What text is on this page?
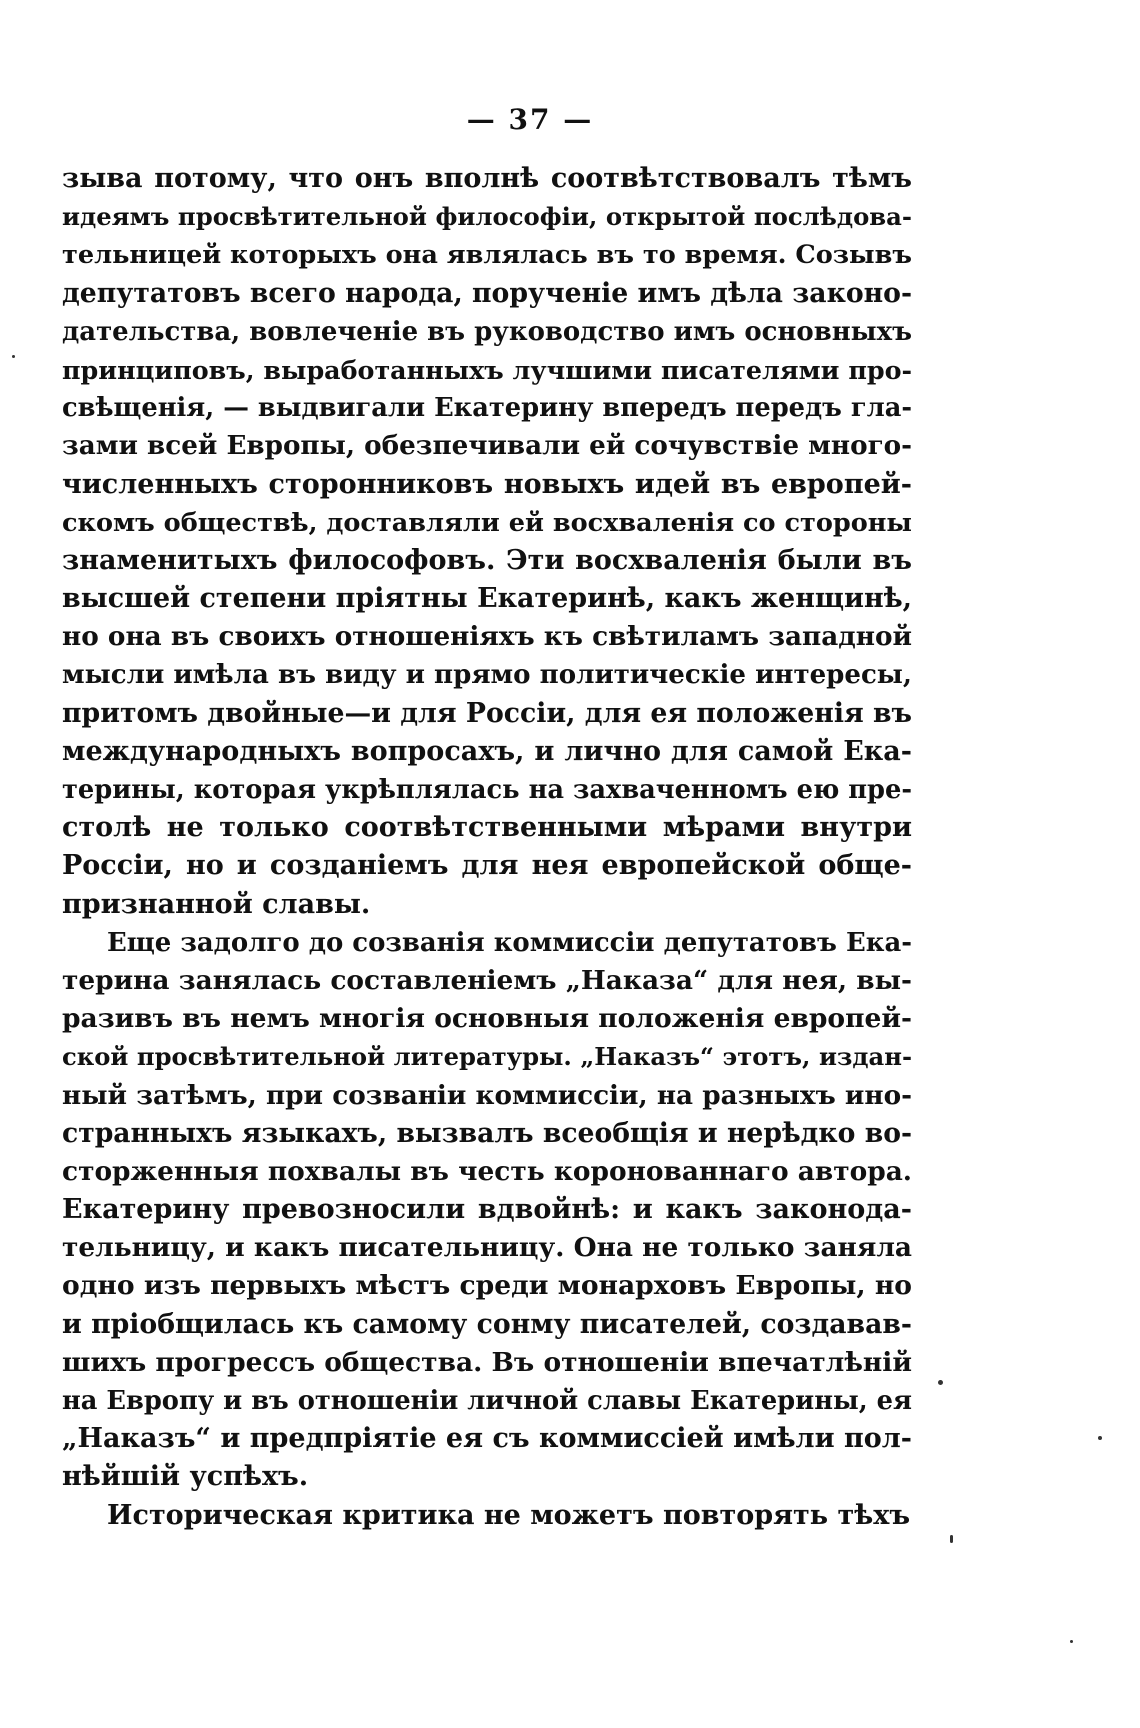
— 37 —
зыва потому, что онъ вполнѣ соотвѣтствовалъ тѣмъ
идеямъ просвѣтительной философіи, открытой послѣдова-
тельницей которыхъ она являлась въ то время. Созывъ
депутатовъ всего народа, порученіе имъ дѣла законо-
дательства, вовлеченіе въ руководство имъ основныхъ
принциповъ, выработанныхъ лучшими писателями про-
свѣщенія, — выдвигали Екатерину впередъ передъ гла-
зами всей Европы, обезпечивали ей сочувствіе много-
численныхъ сторонниковъ новыхъ идей въ европей-
скомъ обществѣ, доставляли ей восхваленія со стороны
знаменитыхъ философовъ. Эти восхваленія были въ
высшей степени пріятны Екатеринѣ, какъ женщинѣ,
но она въ своихъ отношеніяхъ къ свѣтиламъ западной
мысли имѣла въ виду и прямо политическіе интересы,
притомъ двойные—и для Россіи, для ея положенія въ
международныхъ вопросахъ, и лично для самой Ека-
терины, которая укрѣплялась на захваченномъ ею пре-
столѣ не только соотвѣтственными мѣрами внутри
Россіи, но и созданіемъ для нея европейской обще-
признанной славы.
Еще задолго до созванія коммиссіи депутатовъ Ека-
терина занялась составленіемъ „Наказа“ для нея, вы-
разивъ въ немъ многія основныя положенія европей-
ской просвѣтительной литературы. „Наказъ“ этотъ, издан-
ный затѣмъ, при созваніи коммиссіи, на разныхъ ино-
странныхъ языкахъ, вызвалъ всеобщія и нерѣдко во-
сторженныя похвалы въ честь коронованнаго автора.
Екатерину превозносили вдвойнѣ: и какъ законода-
тельницу, и какъ писательницу. Она не только заняла
одно изъ первыхъ мѣстъ среди монарховъ Европы, но
и пріобщилась къ самому сонму писателей, создавав-
шихъ прогрессъ общества. Въ отношеніи впечатлѣній
на Европу и въ отношеніи личной славы Екатерины, ея
„Наказъ“ и предпріятіе ея съ коммиссіей имѣли пол-
нѣйшій успѣхъ.
Историческая критика не можетъ повторять тѣхъ
